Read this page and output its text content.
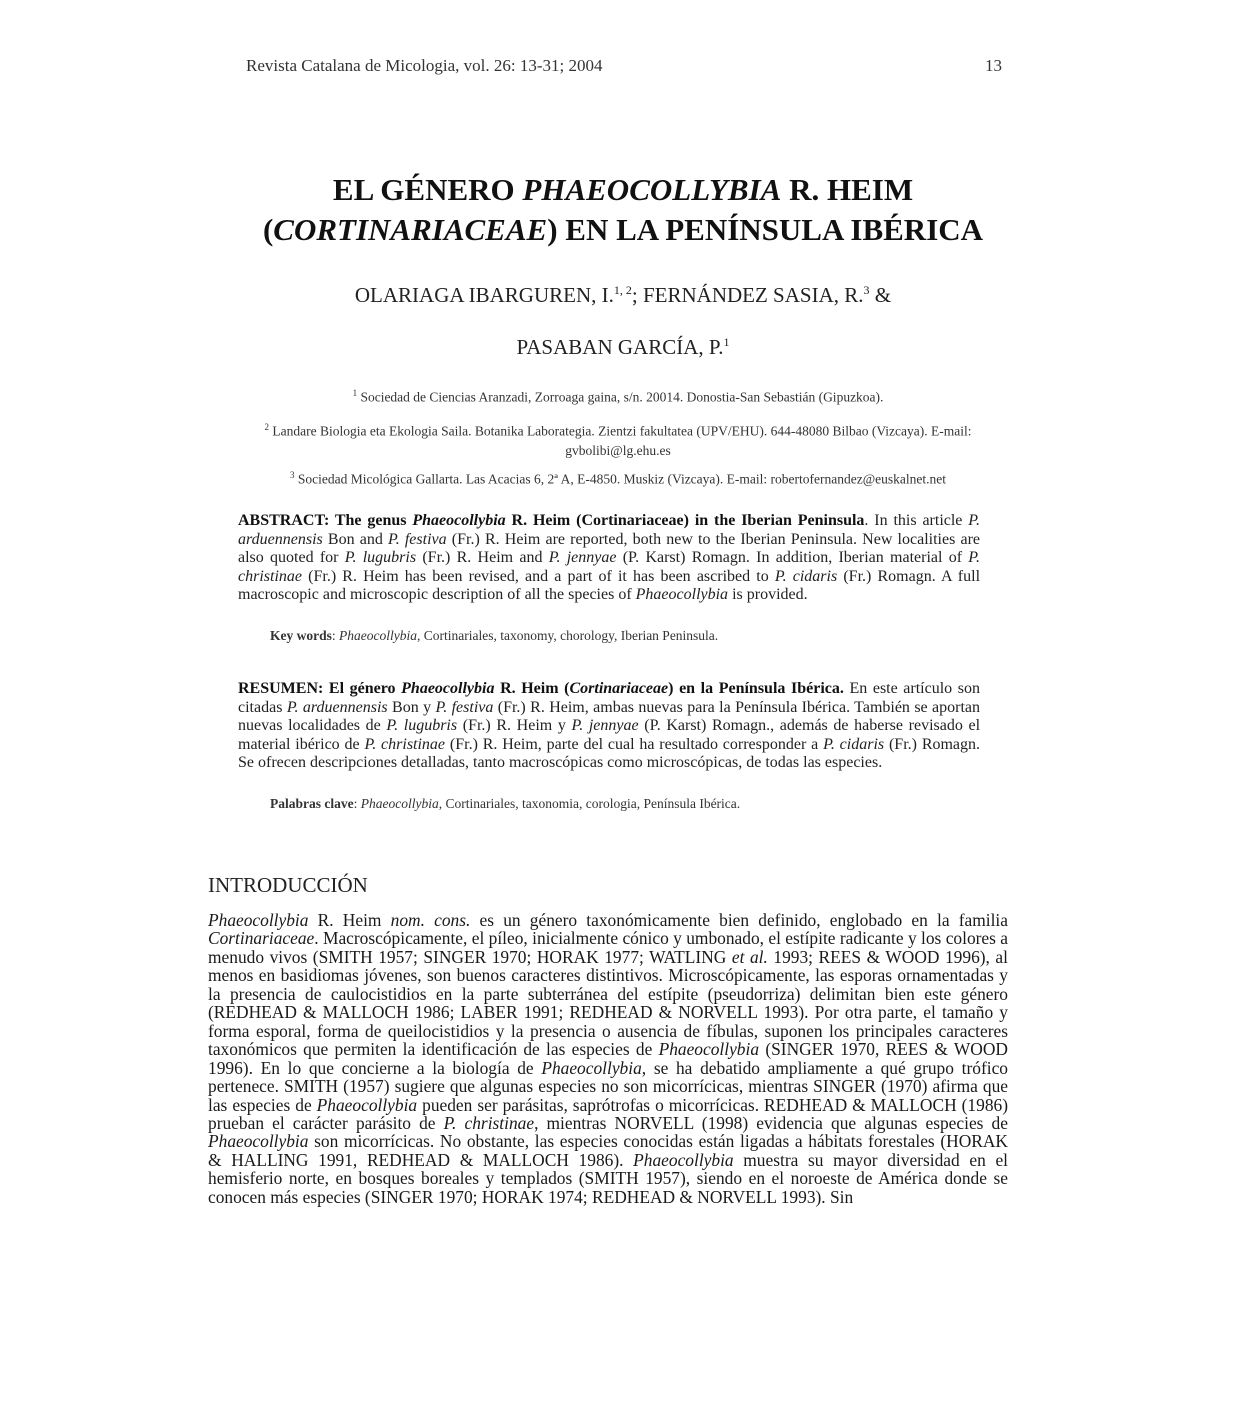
Revista Catalana de Micologia, vol. 26: 13-31; 2004	13
EL GÉNERO PHAEOCOLLYBIA R. HEIM
(CORTINARIACEAE) EN LA PENÍNSULA IBÉRICA
OLARIAGA IBARGUREN, I.$^{1, 2}$; FERNÁNDEZ SASIA, R.$^3$ &
PASABAN GARCÍA, P.$^1$
$^1$ Sociedad de Ciencias Aranzadi, Zorroaga gaina, s/n. 20014. Donostia-San Sebastián (Gipuzkoa).
$^2$ Landare Biologia eta Ekologia Saila. Botanika Laborategia. Zientzi fakultatea (UPV/EHU). 644-48080 Bilbao (Vizcaya). E-mail: gvbolibi@lg.ehu.es
$^3$ Sociedad Micológica Gallarta. Las Acacias 6, 2ª A, E-4850. Muskiz (Vizcaya). E-mail: robertofernandez@euskalnet.net
ABSTRACT: The genus Phaeocollybia R. Heim (Cortinariaceae) in the Iberian Peninsula. In this article P. arduennensis Bon and P. festiva (Fr.) R. Heim are reported, both new to the Iberian Peninsula. New localities are also quoted for P. lugubris (Fr.) R. Heim and P. jennyae (P. Karst) Romagn. In addition, Iberian material of P. christinae (Fr.) R. Heim has been revised, and a part of it has been ascribed to P. cidaris (Fr.) Romagn. A full macroscopic and microscopic description of all the species of Phaeocollybia is provided.
Key words: Phaeocollybia, Cortinariales, taxonomy, chorology, Iberian Peninsula.
RESUMEN: El género Phaeocollybia R. Heim (Cortinariaceae) en la Península Ibérica. En este artículo son citadas P. arduennensis Bon y P. festiva (Fr.) R. Heim, ambas nuevas para la Península Ibérica. También se aportan nuevas localidades de P. lugubris (Fr.) R. Heim y P. jennyae (P. Karst) Romagn., además de haberse revisado el material ibérico de P. christinae (Fr.) R. Heim, parte del cual ha resultado corresponder a P. cidaris (Fr.) Romagn. Se ofrecen descripciones detalladas, tanto macroscópicas como microscópicas, de todas las especies.
Palabras clave: Phaeocollybia, Cortinariales, taxonomia, corologia, Península Ibérica.
INTRODUCCIÓN

Phaeocollybia R. Heim nom. cons. es un género taxonómicamente bien definido, englobado en la familia Cortinariaceae. Macroscópicamente, el píleo, inicialmente cónico y umbonado, el estípite radicante y los colores a menudo vivos (SMITH 1957; SINGER 1970; HORAK 1977; WATLING et al. 1993; REES & WOOD 1996), al menos en basidiomas jóvenes, son buenos caracteres distintivos. Microscópicamente, las esporas ornamentadas y la presencia de caulocistidios en la parte subterránea del estípite (pseudorriza) delimitan bien este género (REDHEAD & MALLOCH 1986; LABER 1991; REDHEAD & NORVELL 1993). Por otra parte, el tamaño y forma esporal, forma de queilocistidios y la presencia o ausencia de fíbulas, suponen los principales caracteres taxonómicos que permiten la identificación de las especies de Phaeocollybia (SINGER 1970, REES & WOOD 1996). En lo que concierne a la biología de Phaeocollybia, se ha debatido ampliamente a qué grupo trófico pertenece. SMITH (1957) sugiere que algunas especies no son micorrícicas, mientras SINGER (1970) afirma que las especies de Phaeocollybia pueden ser parásitas, saprótrofas o micorrícicas. REDHEAD & MALLOCH (1986) prueban el carácter parásito de P. christinae, mientras NORVELL (1998) evidencia que algunas especies de Phaeocollybia son micorrícicas. No obstante, las especies conocidas están ligadas a hábitats forestales (HORAK & HALLING 1991, REDHEAD & MALLOCH 1986). Phaeocollybia muestra su mayor diversidad en el hemisferio norte, en bosques boreales y templados (SMITH 1957), siendo en el noroeste de América donde se conocen más especies (SINGER 1970; HORAK 1974; REDHEAD & NORVELL 1993). Sin
